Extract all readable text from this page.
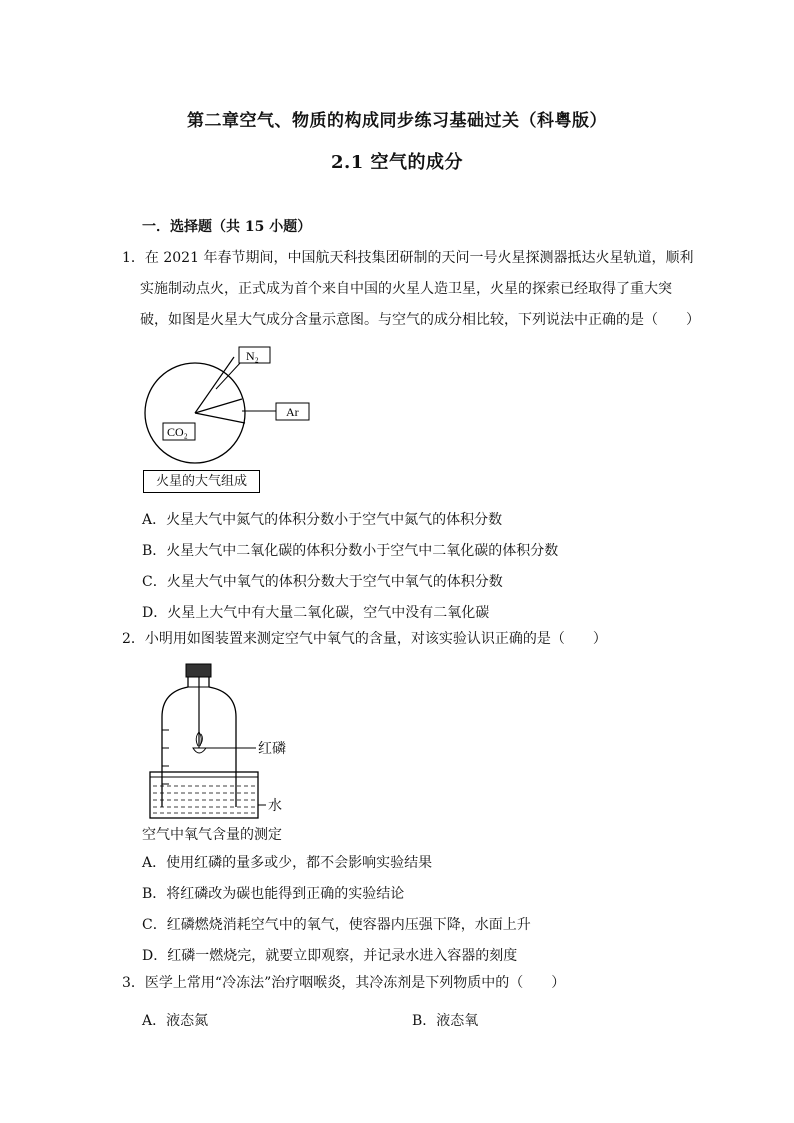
第二章空气、物质的构成同步练习基础过关（科粤版）
2.1 空气的成分
一．选择题（共 15 小题）
1．在 2021 年春节期间，中国航天科技集团研制的天问一号火星探测器抵达火星轨道，顺利
实施制动点火，正式成为首个来自中国的火星人造卫星，火星的探索已经取得了重大突
破，如图是火星大气成分含量示意图。与空气的成分相比较，下列说法中正确的是（　　）
N₂
CO₂
Ar
火星的大气组成
A．火星大气中氮气的体积分数小于空气中氮气的体积分数
B．火星大气中二氧化碳的体积分数小于空气中二氧化碳的体积分数
C．火星大气中氧气的体积分数大于空气中氧气的体积分数
D．火星上大气中有大量二氧化碳，空气中没有二氧化碳
2．小明用如图装置来测定空气中氧气的含量，对该实验认识正确的是（　　）
红磷
水
空气中氧气含量的测定
A．使用红磷的量多或少，都不会影响实验结果
B．将红磷改为碳也能得到正确的实验结论
C．红磷燃烧消耗空气中的氧气，使容器内压强下降，水面上升
D．红磷一燃烧完，就要立即观察，并记录水进入容器的刻度
3．医学上常用“冷冻法”治疗咽喉炎，其冷冻剂是下列物质中的（　　）
A．液态氮	B．液态氧
